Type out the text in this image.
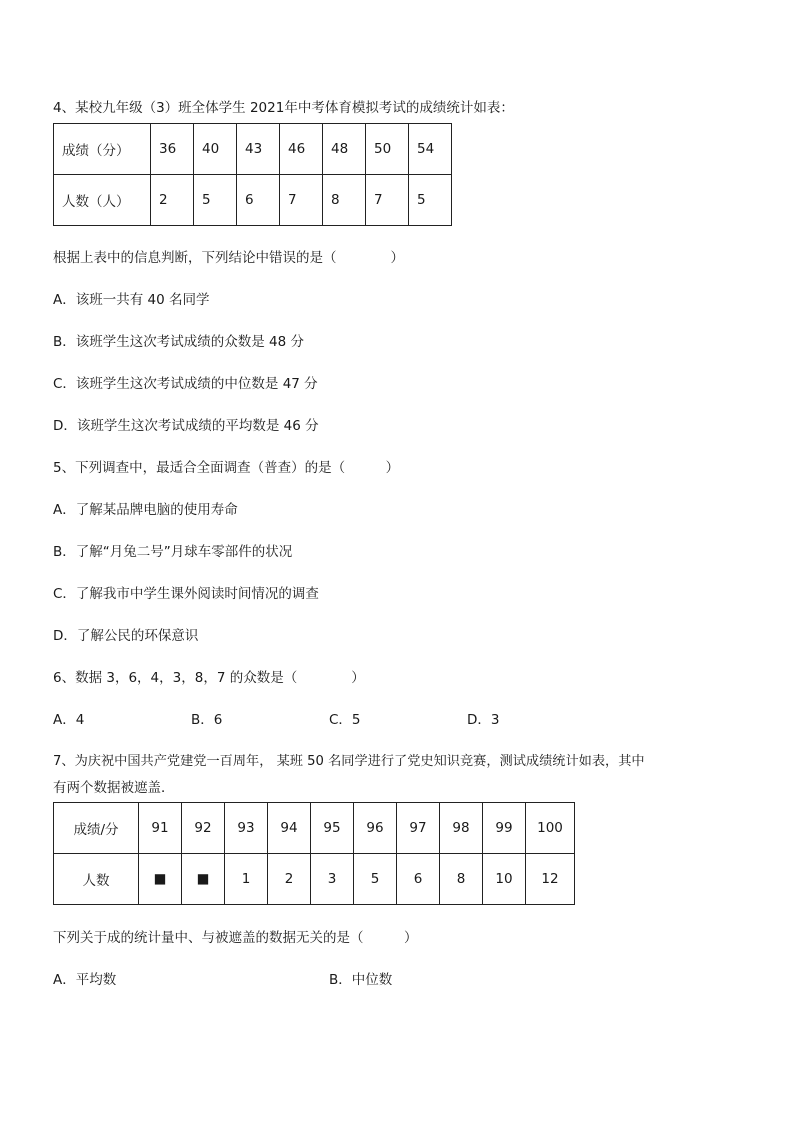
4、某校九年级（3）班全体学生 2021年中考体育模拟考试的成绩统计如表：
成绩（分）	36	40	43	46	48	50	54
人数（人）	2	5	6	7	8	7	5
根据上表中的信息判断，下列结论中错误的是（　　　　）
A．该班一共有 40 名同学
B．该班学生这次考试成绩的众数是 48 分
C．该班学生这次考试成绩的中位数是 47 分
D．该班学生这次考试成绩的平均数是 46 分
5、下列调查中，最适合全面调查（普查）的是（　　　）
A．了解某品牌电脑的使用寿命
B．了解“月兔二号”月球车零部件的状况
C．了解我市中学生课外阅读时间情况的调查
D．了解公民的环保意识
6、数据 3，6，4，3，8，7 的众数是（　　　　）
A．4	B．6	C．5	D．3
7、为庆祝中国共产党建党一百周年， 某班 50 名同学进行了党史知识竞赛，测试成绩统计如表，其中
有两个数据被遮盖．
成绩/分	91	92	93	94	95	96	97	98	99	100
人数	■	■	1	2	3	5	6	8	10	12
下列关于成的统计量中、与被遮盖的数据无关的是（　　　）
A．平均数	B．中位数
